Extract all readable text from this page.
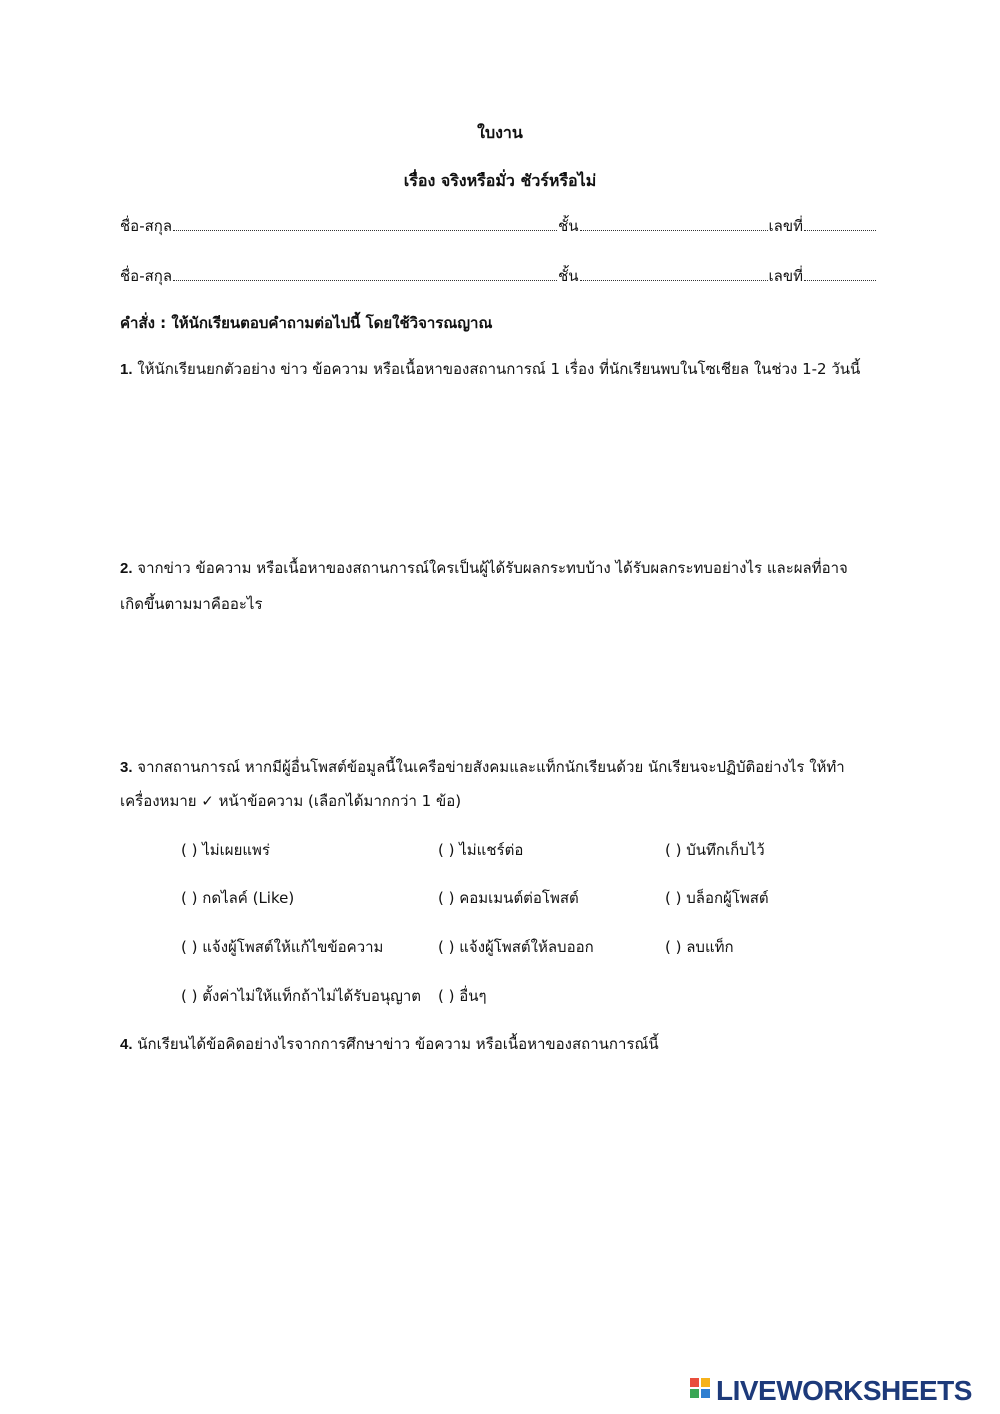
ใบงาน
เรื่อง จริงหรือมั่ว ชัวร์หรือไม่
ชื่อ-สกุล	ชั้น	เลขที่
ชื่อ-สกุล	ชั้น	เลขที่
คำสั่ง : ให้นักเรียนตอบคำถามต่อไปนี้ โดยใช้วิจารณญาณ
1. ให้นักเรียนยกตัวอย่าง ข่าว ข้อความ หรือเนื้อหาของสถานการณ์ 1 เรื่อง ที่นักเรียนพบในโซเชียล ในช่วง 1-2 วันนี้
2. จากข่าว ข้อความ หรือเนื้อหาของสถานการณ์ใครเป็นผู้ได้รับผลกระทบบ้าง ได้รับผลกระทบอย่างไร และผลที่อาจ
เกิดขึ้นตามมาคืออะไร
3. จากสถานการณ์ หากมีผู้อื่นโพสต์ข้อมูลนี้ในเครือข่ายสังคมและแท็กนักเรียนด้วย นักเรียนจะปฏิบัติอย่างไร ให้ทำ
เครื่องหมาย ✓ หน้าข้อความ (เลือกได้มากกว่า 1 ข้อ)
( ) ไม่เผยแพร่	( ) ไม่แชร์ต่อ	( ) บันทึกเก็บไว้
( ) กดไลค์ (Like)	( ) คอมเมนต์ต่อโพสต์	( ) บล็อกผู้โพสต์
( ) แจ้งผู้โพสต์ให้แก้ไขข้อความ	( ) แจ้งผู้โพสต์ให้ลบออก	( ) ลบแท็ก
( ) ตั้งค่าไม่ให้แท็กถ้าไม่ได้รับอนุญาต ( ) อื่นๆ
4. นักเรียนได้ข้อคิดอย่างไรจากการศึกษาข่าว ข้อความ หรือเนื้อหาของสถานการณ์นี้
LIVEWORKSHEETS
